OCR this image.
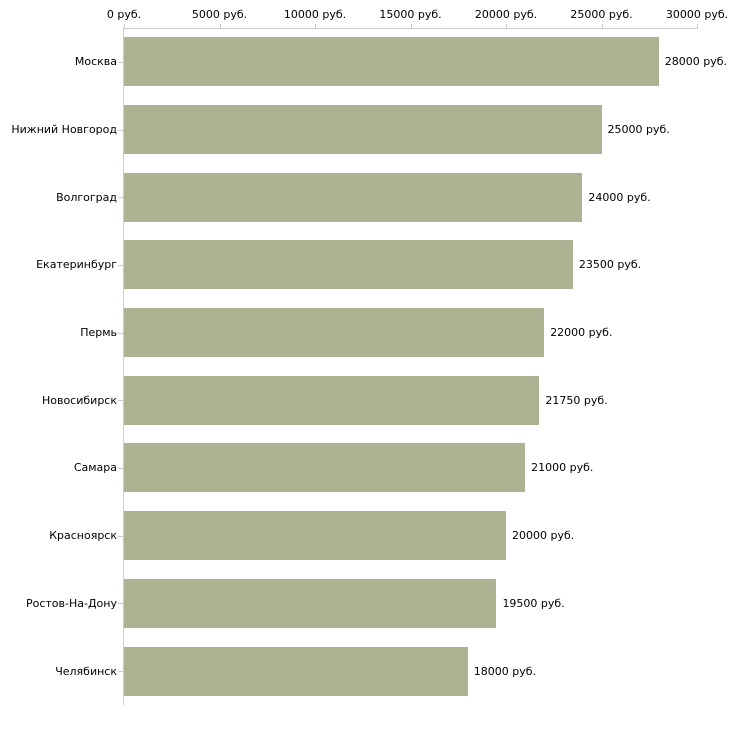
0 руб.	5000 руб.	10000 руб.	15000 руб.	20000 руб.	25000 руб.	30000 руб.
Москва	28000 руб.
Нижний Новгород	25000 руб.
Волгоград	24000 руб.
Екатеринбург	23500 руб.
Пермь	22000 руб.
Новосибирск	21750 руб.
Самара	21000 руб.
Красноярск	20000 руб.
Ростов-На-Дону	19500 руб.
Челябинск	18000 руб.
